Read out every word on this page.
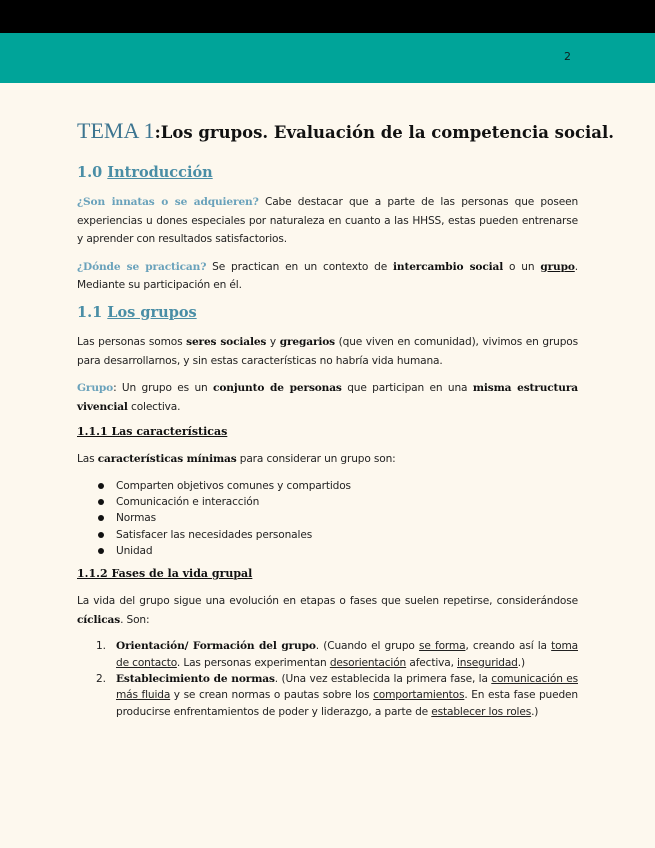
2
TEMA 1:Los grupos. Evaluación de la competencia social.
1.0 Introducción

¿Son innatas o se adquieren? Cabe destacar que a parte de las personas que poseen experiencias u dones especiales por naturaleza en cuanto a las HHSS, estas pueden entrenarse y aprender con resultados satisfactorios.

¿Dónde se practican? Se practican en un contexto de intercambio social o un grupo. Mediante su participación en él.

1.1 Los grupos

Las personas somos seres sociales y gregarios (que viven en comunidad), vivimos en grupos para desarrollarnos, y sin estas características no habría vida humana.

Grupo: Un grupo es un conjunto de personas que participan en una misma estructura vivencial colectiva.

1.1.1 Las características

Las características mínimas para considerar un grupo son:

Comparten objetivos comunes y compartidos
Comunicación e interacción
Normas
Satisfacer las necesidades personales
Unidad
1.1.2 Fases de la vida grupal

La vida del grupo sigue una evolución en etapas o fases que suelen repetirse, considerándose cíclicas. Son:

1. Orientación/ Formación del grupo. (Cuando el grupo se forma, creando así la toma de contacto. Las personas experimentan desorientación afectiva, inseguridad.)
2. Establecimiento de normas. (Una vez establecida la primera fase, la comunicación es más fluida y se crean normas o pautas sobre los comportamientos. En esta fase pueden producirse enfrentamientos de poder y liderazgo, a parte de establecer los roles.)
